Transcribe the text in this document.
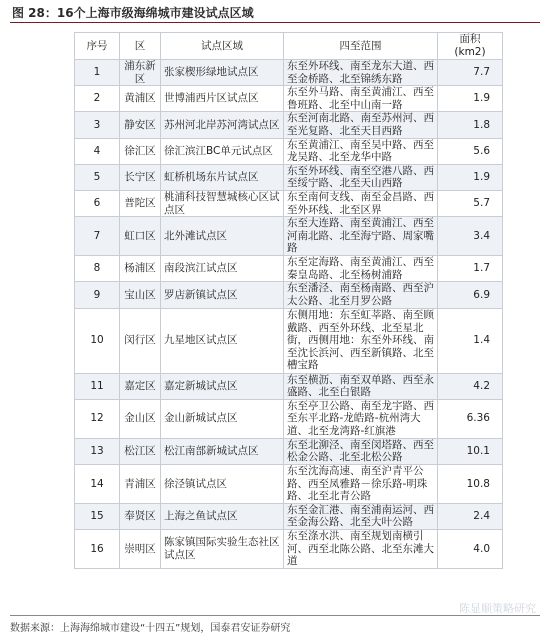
图 28：16个上海市级海绵城市建设试点区域
序号	区	试点区域	四至范围	面积
(km2)
1	浦东新区	张家楔形绿地试点区	东至外环线、南至龙东大道、西至金桥路、北至锦绣东路	7.7
2	黄浦区	世博浦西片区试点区	东至外马路、南至黄浦江、西至鲁班路、北至中山南一路	1.9
3	静安区	苏州河北岸苏河湾试点区	东至河南北路、南至苏州河、西至光复路、北至天目西路	1.8
4	徐汇区	徐汇滨江BC单元试点区	东至黄浦江、南至吴中路、西至龙吴路、北至龙华中路	5.6
5	长宁区	虹桥机场东片试点区	东至外环线、南至空港八路、西至绥宁路、北至天山西路	1.9
6	普陀区	桃浦科技智慧城核心区试点区	东至南何支线、南至金昌路、西至外环线、北至区界	5.7
7	虹口区	北外滩试点区	东至大连路、南至黄浦江、西至河南北路、北至海宁路、周家嘴路	3.4
8	杨浦区	南段滨江试点区	东至定海路、南至黄浦江、西至秦皇岛路、北至杨树浦路	1.7
9	宝山区	罗店新镇试点区	东至潘泾、南至杨南路、西至沪太公路、北至月罗公路	6.9
10	闵行区	九星地区试点区	东侧用地：东至虹莘路、南至顾戴路、西至外环线、北至星北街，西侧用地：东至外环线、南至沈长浜河、西至新镇路、北至槽宝路	1.4
11	嘉定区	嘉定新城试点区	东至横沥、南至双单路、西至永盛路、北至白银路	4.2
12	金山区	金山新城试点区	东至亭卫公路、南至龙宇路、西至东平北路-龙皓路-杭州湾大道、北至龙湾路-红旗港	6.36
13	松江区	松江南部新城试点区	东至北泖泾、南至闵塔路、西至松金公路、北至北松公路	10.1
14	青浦区	徐泾镇试点区	东至沈海高速、南至沪青平公路、西至凤雅路－徐乐路-明珠路、北至北青公路	10.8
15	奉贤区	上海之鱼试点区	东至金汇港、南至浦南运河、西至金海公路、北至大叶公路	2.4
16	崇明区	陈家镇国际实验生态社区试点区	东至涤水洪、南至规划南横引河、西至北陈公路、北至东滩大道	4.0
数据来源：上海海绵城市建设“十四五”规划，国泰君安证券研究
陈显顺策略研究
